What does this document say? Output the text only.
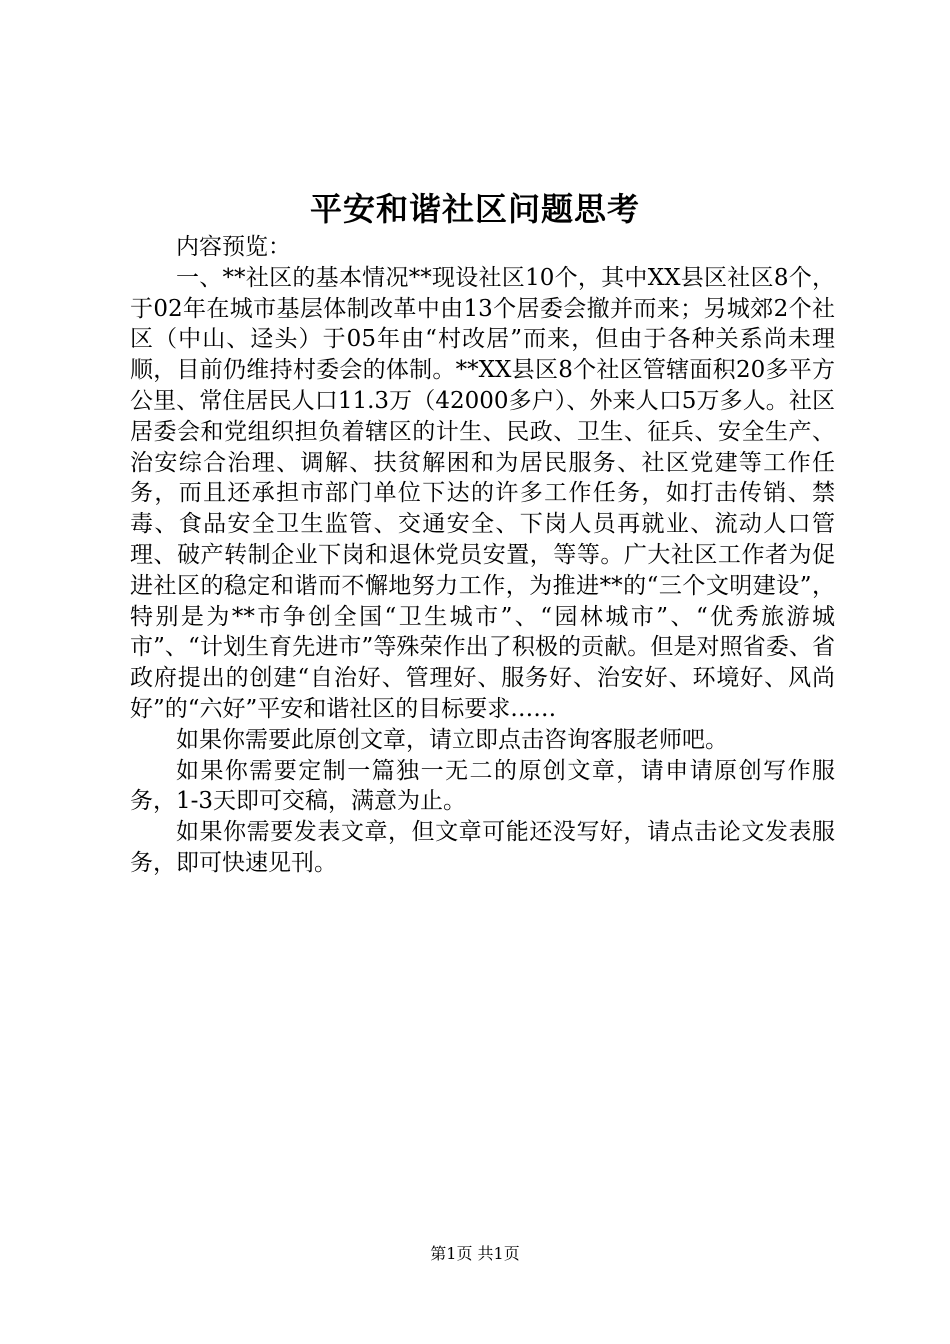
平安和谐社区问题思考

内容预览：

一、**社区的基本情况**现设社区10个，其中XX县区社区8个，于02年在城市基层体制改革中由13个居委会撤并而来；另城郊2个社区（中山、迳头）于05年由“村改居”而来，但由于各种关系尚未理顺，目前仍维持村委会的体制。**XX县区8个社区管辖面积20多平方公里、常住居民人口11.3万（42000多户）、外来人口5万多人。社区居委会和党组织担负着辖区的计生、民政、卫生、征兵、安全生产、治安综合治理、调解、扶贫解困和为居民服务、社区党建等工作任务，而且还承担市部门单位下达的许多工作任务，如打击传销、禁毒、食品安全卫生监管、交通安全、下岗人员再就业、流动人口管理、破产转制企业下岗和退休党员安置，等等。广大社区工作者为促进社区的稳定和谐而不懈地努力工作，为推进**的“三个文明建设”，特别是为**市争创全国“卫生城市”、“园林城市”、“优秀旅游城市”、“计划生育先进市”等殊荣作出了积极的贡献。但是对照省委、省政府提出的创建“自治好、管理好、服务好、治安好、环境好、风尚好”的“六好”平安和谐社区的目标要求……

如果你需要此原创文章，请立即点击咨询客服老师吧。

如果你需要定制一篇独一无二的原创文章，请申请原创写作服务，1-3天即可交稿，满意为止。

如果你需要发表文章，但文章可能还没写好，请点击论文发表服务，即可快速见刊。

第1页 共1页
